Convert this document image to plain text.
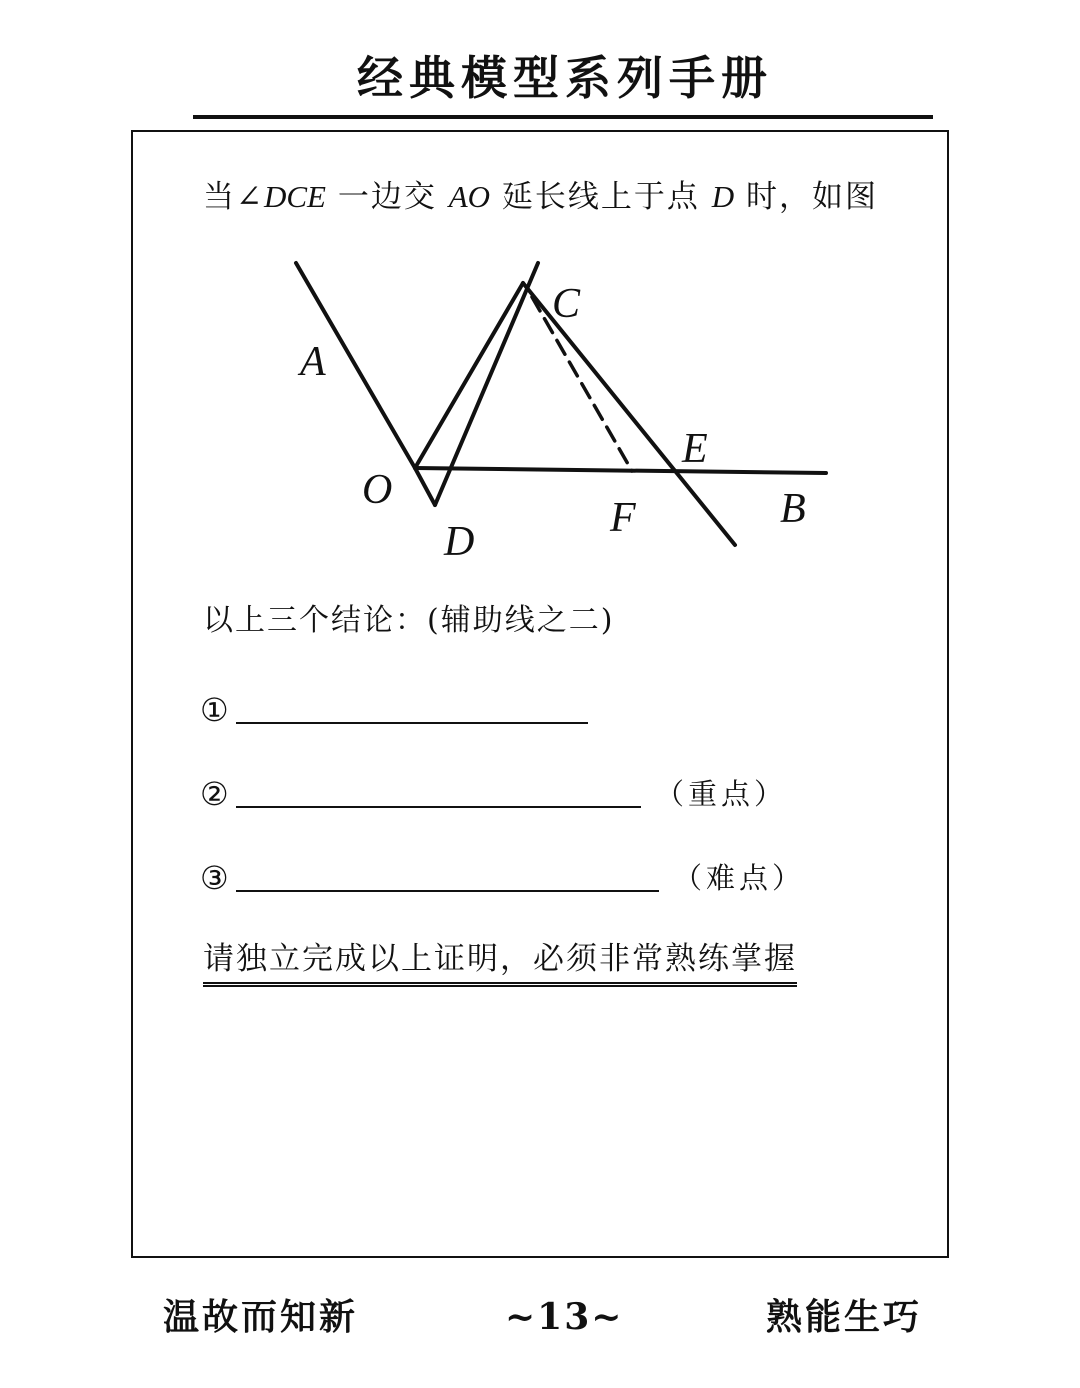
经典模型系列手册
当∠DCE 一边交 AO 延长线上于点 D 时，如图
A
C
E
O
D
F	B
以上三个结论：(辅助线之二)
①
②	（重点）
③	（难点）
请独立完成以上证明，必须非常熟练掌握
温故而知新	~13~	熟能生巧
